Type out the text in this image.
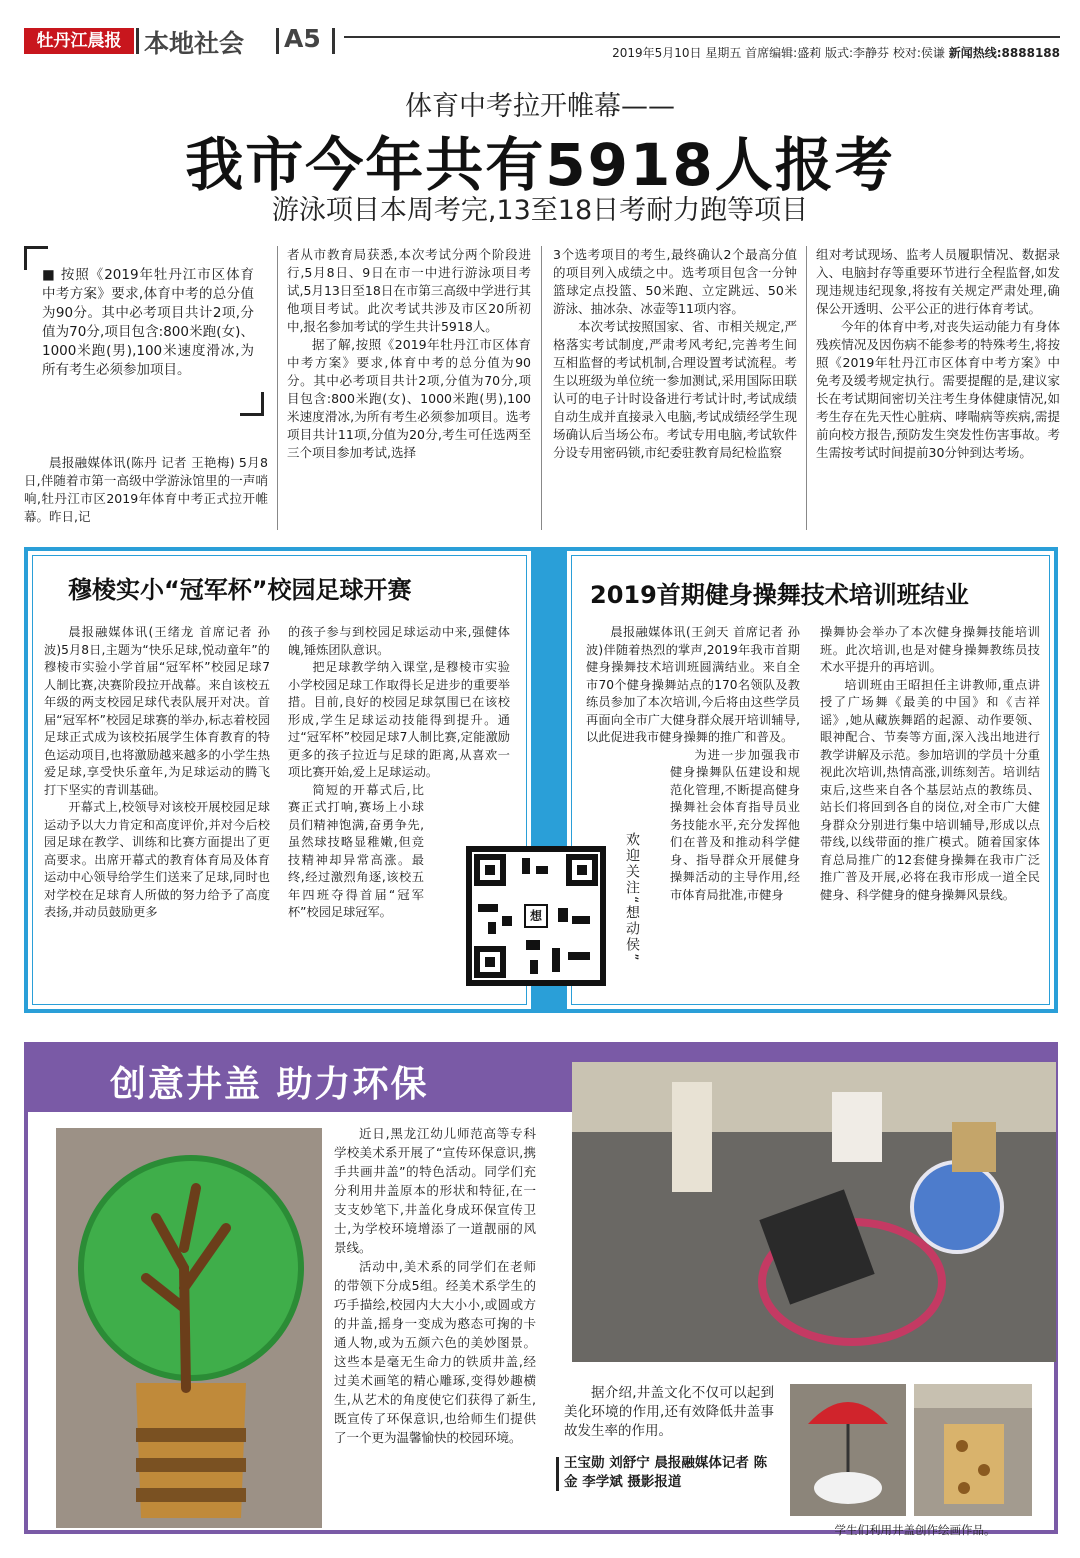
牡丹江晨报 本地社会 A5	2019年5月10日 星期五 首席编辑:盛莉 版式:李静芬 校对:侯谦 新闻热线:8888188
体育中考拉开帷幕——
我市今年共有5918人报考
游泳项目本周考完,13至18日考耐力跑等项目
■ 按照《2019年牡丹江市区体育中考方案》要求,体育中考的总分值为90分。其中必考项目共计2项,分值为70分,项目包含:800米跑(女)、1000米跑(男),100米速度滑冰,为所有考生必须参加项目。

晨报融媒体讯(陈丹 记者 王艳梅) 5月8日,伴随着市第一高级中学游泳馆里的一声哨响,牡丹江市区2019年体育中考正式拉开帷幕。昨日,记

者从市教育局获悉,本次考试分两个阶段进行,5月8日、9日在市一中进行游泳项目考试,5月13日至18日在市第三高级中学进行其他项目考试。此次考试共涉及市区20所初中,报名参加考试的学生共计5918人。

据了解,按照《2019年牡丹江市区体育中考方案》要求,体育中考的总分值为90分。其中必考项目共计2项,分值为70分,项目包含:800米跑(女)、1000米跑(男),100米速度滑冰,为所有考生必须参加项目。选考项目共计11项,分值为20分,考生可任选两至三个项目参加考试,选择

3个选考项目的考生,最终确认2个最高分值的项目列入成绩之中。选考项目包含一分钟篮球定点投篮、50米跑、立定跳远、50米游泳、抽冰杂、冰壶等11项内容。

本次考试按照国家、省、市相关规定,严格落实考试制度,严肃考风考纪,完善考生间互相监督的考试机制,合理设置考试流程。考生以班级为单位统一参加测试,采用国际田联认可的电子计时设备进行考试计时,考试成绩自动生成并直接录入电脑,考试成绩经学生现场确认后当场公布。考试专用电脑,考试软件分设专用密码锁,市纪委驻教育局纪检监察

组对考试现场、监考人员履职情况、数据录入、电脑封存等重要环节进行全程监督,如发现违规违纪现象,将按有关规定严肃处理,确保公开透明、公平公正的进行体育考试。

今年的体育中考,对丧失运动能力有身体残疾情况及因伤病不能参考的特殊考生,将按照《2019年牡丹江市区体育中考方案》中免考及缓考规定执行。需要提醒的是,建议家长在考试期间密切关注考生身体健康情况,如考生存在先天性心脏病、哮喘病等疾病,需提前向校方报告,预防发生突发性伤害事故。考生需按考试时间提前30分钟到达考场。

穆棱实小“冠军杯”校园足球开赛

晨报融媒体讯(王绪龙 首席记者 孙波)5月8日,主题为“快乐足球,悦动童年”的穆棱市实验小学首届“冠军杯”校园足球7人制比赛,决赛阶段拉开战幕。来自该校五年级的两支校园足球代表队展开对决。首届“冠军杯”校园足球赛的举办,标志着校园足球正式成为该校拓展学生体育教育的特色运动项目,也将激励越来越多的小学生热爱足球,享受快乐童年,为足球运动的腾飞打下坚实的青训基础。

开幕式上,校领导对该校开展校园足球运动予以大力肯定和高度评价,并对今后校园足球在教学、训练和比赛方面提出了更高要求。出席开幕式的教育体育局及体育运动中心领导给学生们送来了足球,同时也对学校在足球育人所做的努力给予了高度表扬,并动员鼓励更多

的孩子参与到校园足球运动中来,强健体魄,锤炼团队意识。

把足球教学纳入课堂,是穆棱市实验小学校园足球工作取得长足进步的重要举措。目前,良好的校园足球氛围已在该校形成,学生足球运动技能得到提升。通过“冠军杯”校园足球7人制比赛,定能激励更多的孩子拉近与足球的距离,从喜欢一项比赛开始,爱上足球运动。

简短的开幕式后,比赛正式打响,赛场上小球员们精神饱满,奋勇争先,虽然球技略显稚嫩,但竞技精神却异常高涨。最终,经过激烈角逐,该校五年四班夺得首届“冠军杯”校园足球冠军。	想	欢迎关注“想动侯”
2019首期健身操舞技术培训班结业

晨报融媒体讯(王剑天 首席记者 孙波)伴随着热烈的掌声,2019年我市首期健身操舞技术培训班圆满结业。来自全市70个健身操舞站点的170名领队及教练员参加了本次培训,今后将由这些学员再面向全市广大健身群众展开培训辅导,以此促进我市健身操舞的推广和普及。

为进一步加强我市健身操舞队伍建设和规范化管理,不断提高健身操舞社会体育指导员业务技能水平,充分发挥他们在普及和推动科学健身、指导群众开展健身操舞活动的主导作用,经市体育局批准,市健身

操舞协会举办了本次健身操舞技能培训班。此次培训,也是对健身操舞教练员技术水平提升的再培训。

培训班由王昭担任主讲教师,重点讲授了广场舞《最美的中国》和《吉祥谣》,她从藏族舞蹈的起源、动作要领、眼神配合、节奏等方面,深入浅出地进行教学讲解及示范。参加培训的学员十分重视此次培训,热情高涨,训练刻苦。培训结束后,这些来自各个基层站点的教练员、站长们将回到各自的岗位,对全市广大健身群众分别进行集中培训辅导,形成以点带线,以线带面的推广模式。随着国家体育总局推广的12套健身操舞在我市广泛推广普及开展,必将在我市形成一道全民健身、科学健身的健身操舞风景线。

创意井盖 助力环保

近日,黑龙江幼儿师范高等专科学校美术系开展了“宣传环保意识,携手共画井盖”的特色活动。同学们充分利用井盖原本的形状和特征,在一支支妙笔下,井盖化身成环保宣传卫士,为学校环境增添了一道靓丽的风景线。

活动中,美术系的同学们在老师的带领下分成5组。经美术系学生的巧手描绘,校园内大大小小,或圆或方的井盖,摇身一变成为憨态可掬的卡通人物,或为五颜六色的美妙图景。这些本是毫无生命力的铁质井盖,经过美术画笔的精心雕琢,变得妙趣横生,从艺术的角度使它们获得了新生,既宣传了环保意识,也给师生们提供了一个更为温馨愉快的校园环境。

据介绍,井盖文化不仅可以起到美化环境的作用,还有效降低井盖事故发生率的作用。

王宝勋 刘舒宁 晨报融媒体记者 陈金 李学斌 摄影报道
学生们利用井盖创作绘画作品。
